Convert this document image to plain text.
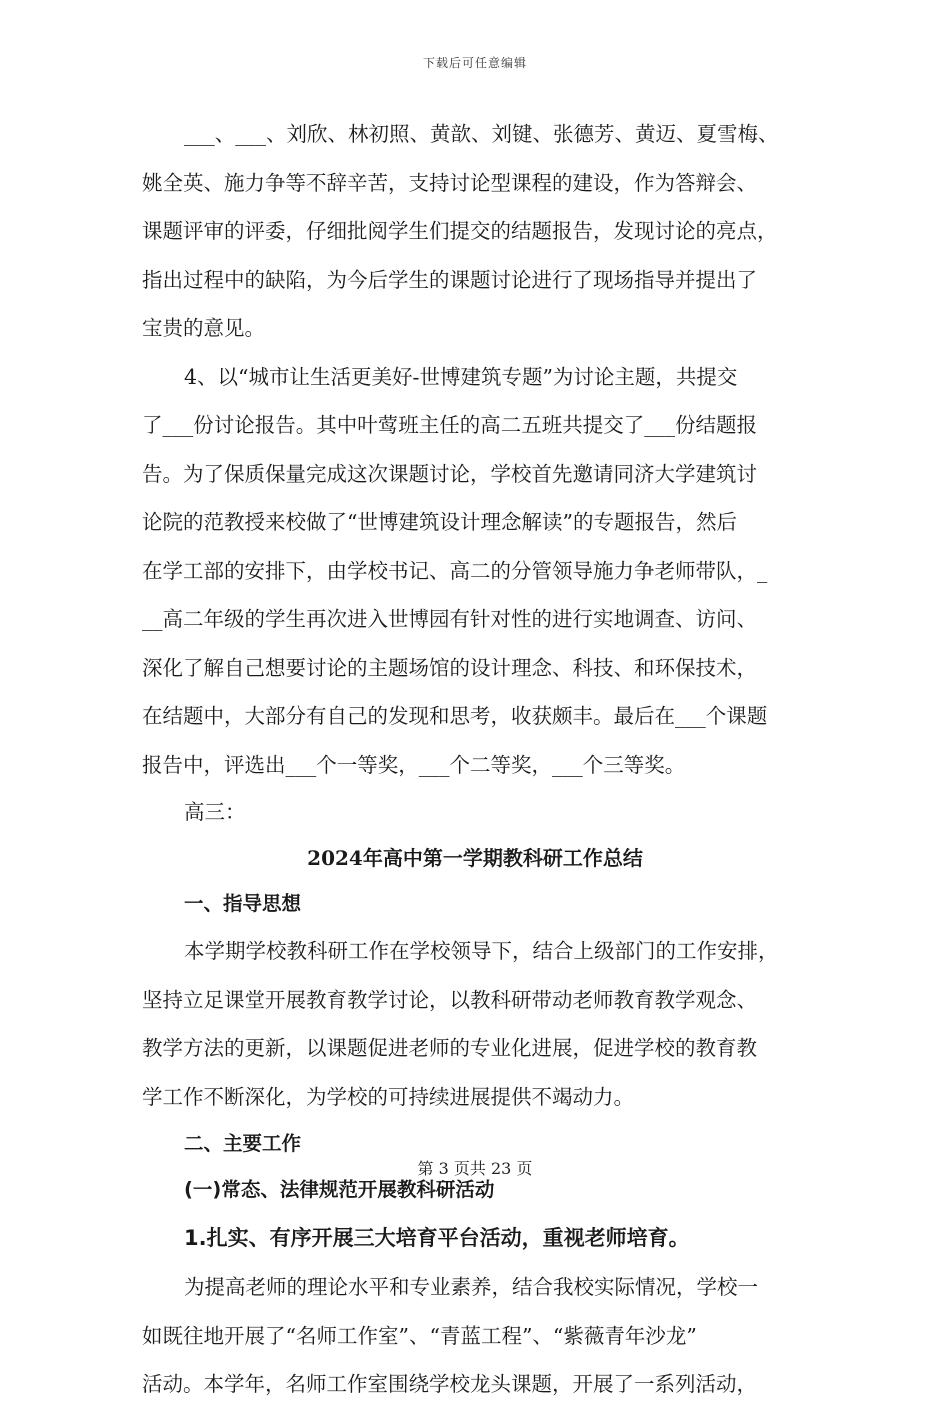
下载后可任意编辑
___、___、刘欣、林初照、黄歆、刘键、张德芳、黄迈、夏雪梅、
姚全英、施力争等不辞辛苦，支持讨论型课程的建设，作为答辩会、
课题评审的评委，仔细批阅学生们提交的结题报告，发现讨论的亮点，
指出过程中的缺陷，为今后学生的课题讨论进行了现场指导并提出了
宝贵的意见。
4、以“城市让生活更美好-世博建筑专题”为讨论主题，共提交
了___份讨论报告。其中叶莺班主任的高二五班共提交了___份结题报
告。为了保质保量完成这次课题讨论，学校首先邀请同济大学建筑讨
论院的范教授来校做了“世博建筑设计理念解读”的专题报告，然后
在学工部的安排下，由学校书记、高二的分管领导施力争老师带队，_
__高二年级的学生再次进入世博园有针对性的进行实地调查、访问、
深化了解自己想要讨论的主题场馆的设计理念、科技、和环保技术，
在结题中，大部分有自己的发现和思考，收获颇丰。最后在___个课题
报告中，评选出___个一等奖，___个二等奖，___个三等奖。
高三：
2024年高中第一学期教科研工作总结
一、指导思想
本学期学校教科研工作在学校领导下，结合上级部门的工作安排，
坚持立足课堂开展教育教学讨论，以教科研带动老师教育教学观念、
教学方法的更新，以课题促进老师的专业化进展，促进学校的教育教
学工作不断深化，为学校的可持续进展提供不竭动力。
二、主要工作
(一)常态、法律规范开展教科研活动
1.扎实、有序开展三大培育平台活动，重视老师培育。
为提高老师的理论水平和专业素养，结合我校实际情况，学校一
如既往地开展了“名师工作室”、“青蓝工程”、“紫薇青年沙龙”
活动。本学年，名师工作室围绕学校龙头课题，开展了一系列活动，
第 3 页共 23 页
